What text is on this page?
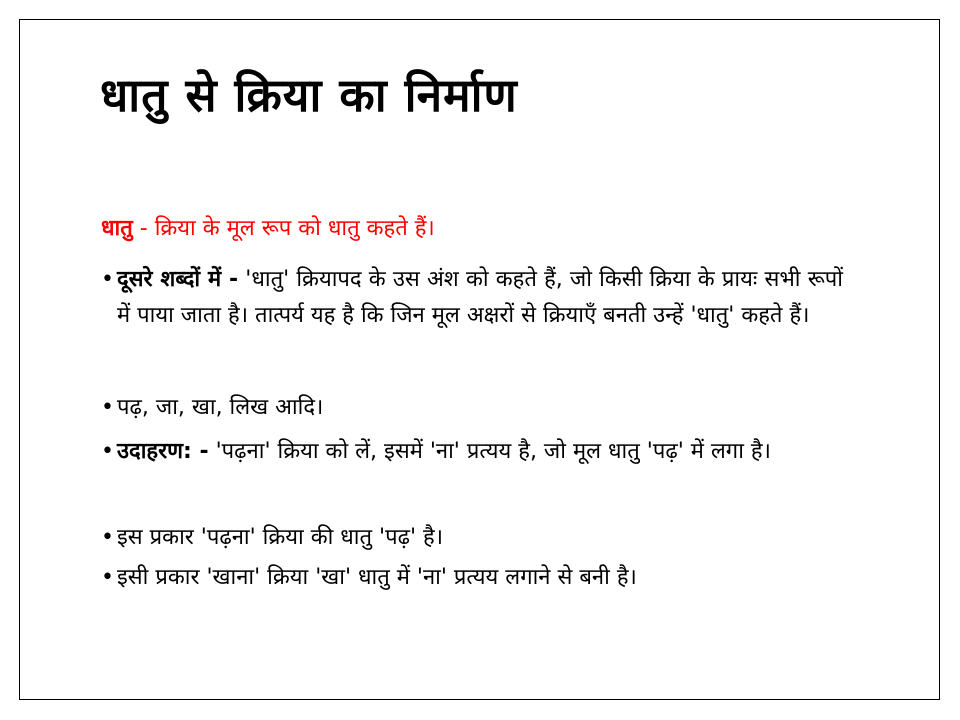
धातु से क्रिया का निर्माण
धातु - क्रिया के मूल रूप को धातु कहते हैं।
• दूसरे शब्दों में - 'धातु' क्रियापद के उस अंश को कहते हैं, जो किसी क्रिया के प्रायः सभी रूपों में पाया जाता है। तात्पर्य यह है कि जिन मूल अक्षरों से क्रियाएँ बनती उन्हें 'धातु' कहते हैं।
• पढ़, जा, खा, लिख आदि।
• उदाहरण: - 'पढ़ना' क्रिया को लें, इसमें 'ना' प्रत्यय है, जो मूल धातु 'पढ़' में लगा है।
• इस प्रकार 'पढ़ना' क्रिया की धातु 'पढ़' है।
• इसी प्रकार 'खाना' क्रिया 'खा' धातु में 'ना' प्रत्यय लगाने से बनी है।
